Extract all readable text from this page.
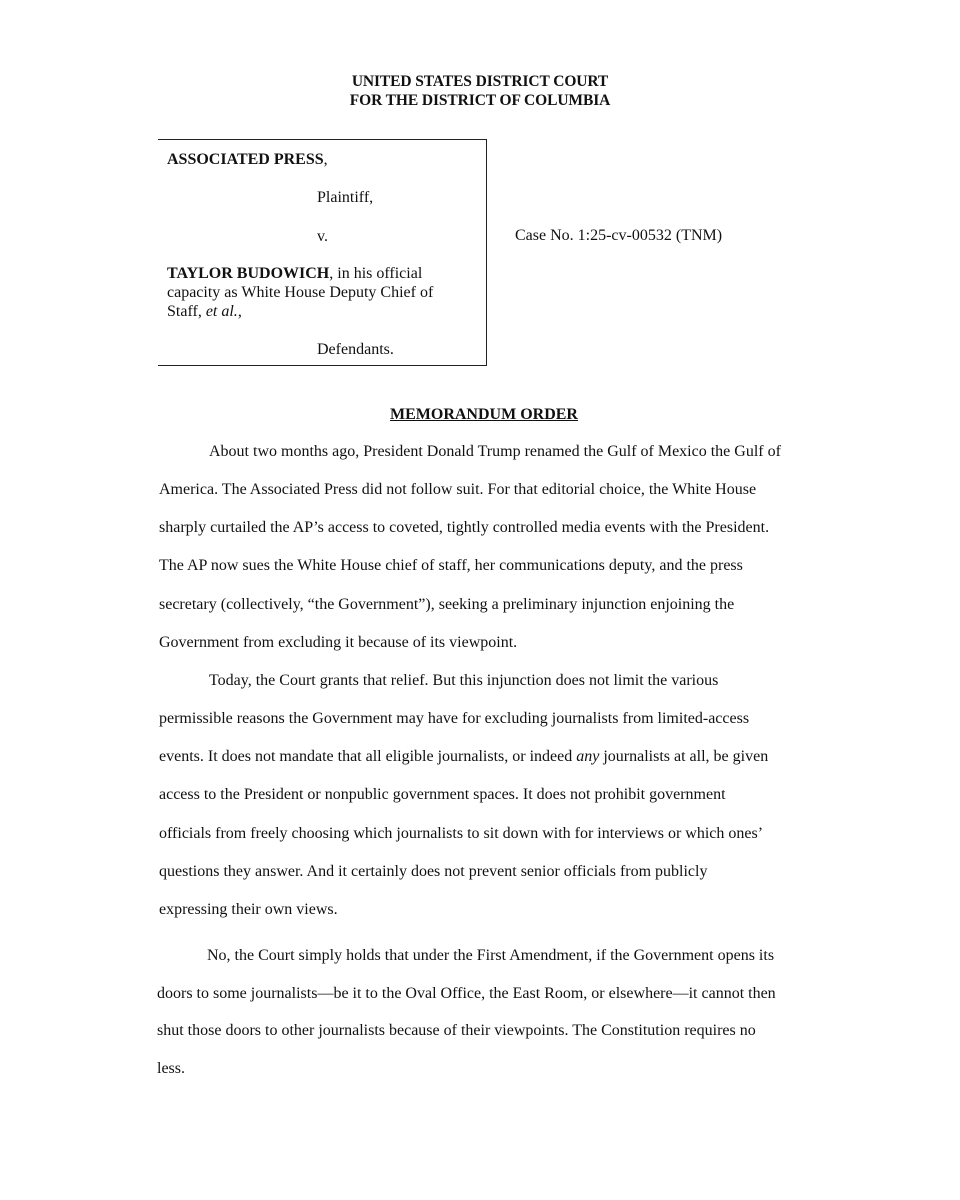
UNITED STATES DISTRICT COURT
FOR THE DISTRICT OF COLUMBIA
ASSOCIATED PRESS,
Plaintiff,
v.
TAYLOR BUDOWICH, in his official
capacity as White House Deputy Chief of
Staff, et al.,
Defendants.
Case No. 1:25-cv-00532 (TNM)
MEMORANDUM ORDER
About two months ago, President Donald Trump renamed the Gulf of Mexico the Gulf of
America. The Associated Press did not follow suit. For that editorial choice, the White House
sharply curtailed the AP’s access to coveted, tightly controlled media events with the President.
The AP now sues the White House chief of staff, her communications deputy, and the press
secretary (collectively, “the Government”), seeking a preliminary injunction enjoining the
Government from excluding it because of its viewpoint.
Today, the Court grants that relief. But this injunction does not limit the various
permissible reasons the Government may have for excluding journalists from limited-access
events. It does not mandate that all eligible journalists, or indeed any journalists at all, be given
access to the President or nonpublic government spaces. It does not prohibit government
officials from freely choosing which journalists to sit down with for interviews or which ones’
questions they answer. And it certainly does not prevent senior officials from publicly
expressing their own views.
No, the Court simply holds that under the First Amendment, if the Government opens its
doors to some journalists—be it to the Oval Office, the East Room, or elsewhere—it cannot then
shut those doors to other journalists because of their viewpoints. The Constitution requires no
less.
